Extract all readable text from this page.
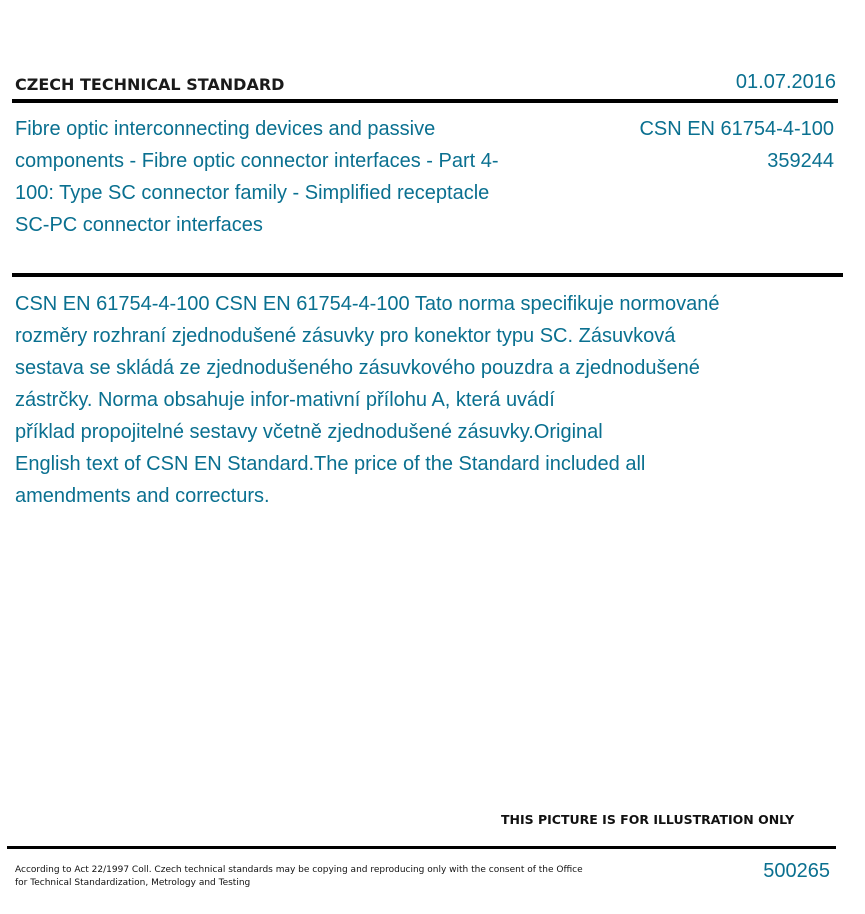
CZECH TECHNICAL STANDARD	01.07.2016
Fibre optic interconnecting devices and passive components - Fibre optic connector interfaces - Part 4-100: Type SC connector family - Simplified receptacle SC-PC connector interfaces
CSN EN 61754-4-100
359244
CSN EN 61754-4-100 CSN EN 61754-4-100 Tato norma specifikuje normované
rozměry rozhraní zjednodušené zásuvky pro konektor typu SC. Zásuvková
sestava se skládá ze zjednodušeného zásuvkového pouzdra a zjednodušené
zástrčky. Norma obsahuje infor-mativní přílohu A, která uvádí
příklad propojitelné sestavy včetně zjednodušené zásuvky.Original
English text of CSN EN Standard.The price of the Standard included all
amendments and correcturs.
THIS PICTURE IS FOR ILLUSTRATION ONLY
According to Act 22/1997 Coll. Czech technical standards may be copying and reproducing only with the consent of the Office
for Technical Standardization, Metrology and Testing
500265
